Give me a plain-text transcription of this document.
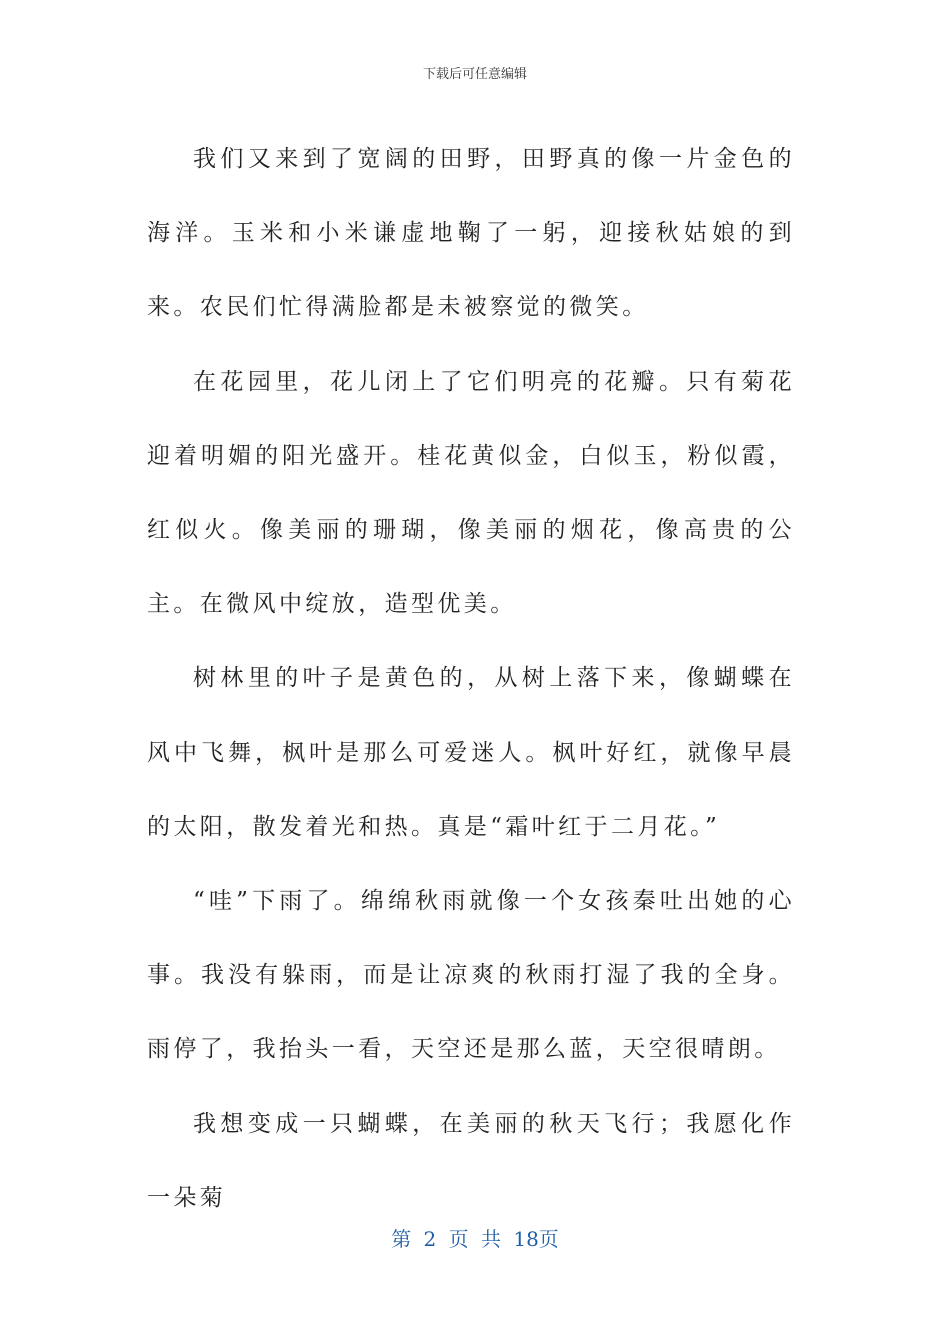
下载后可任意编辑

我们又来到了宽阔的田野，田野真的像一片金色的海洋。玉米和小米谦虚地鞠了一躬，迎接秋姑娘的到来。农民们忙得满脸都是未被察觉的微笑。

在花园里，花儿闭上了它们明亮的花瓣。只有菊花迎着明媚的阳光盛开。桂花黄似金，白似玉，粉似霞，红似火。像美丽的珊瑚，像美丽的烟花，像高贵的公主。在微风中绽放，造型优美。

树林里的叶子是黄色的，从树上落下来，像蝴蝶在风中飞舞，枫叶是那么可爱迷人。枫叶好红，就像早晨的太阳，散发着光和热。真是“霜叶红于二月花。”

“哇”下雨了。绵绵秋雨就像一个女孩秦吐出她的心事。我没有躲雨，而是让凉爽的秋雨打湿了我的全身。雨停了，我抬头一看，天空还是那么蓝，天空很晴朗。

我想变成一只蝴蝶，在美丽的秋天飞行；我愿化作一朵菊

第 2 页 共 18页
